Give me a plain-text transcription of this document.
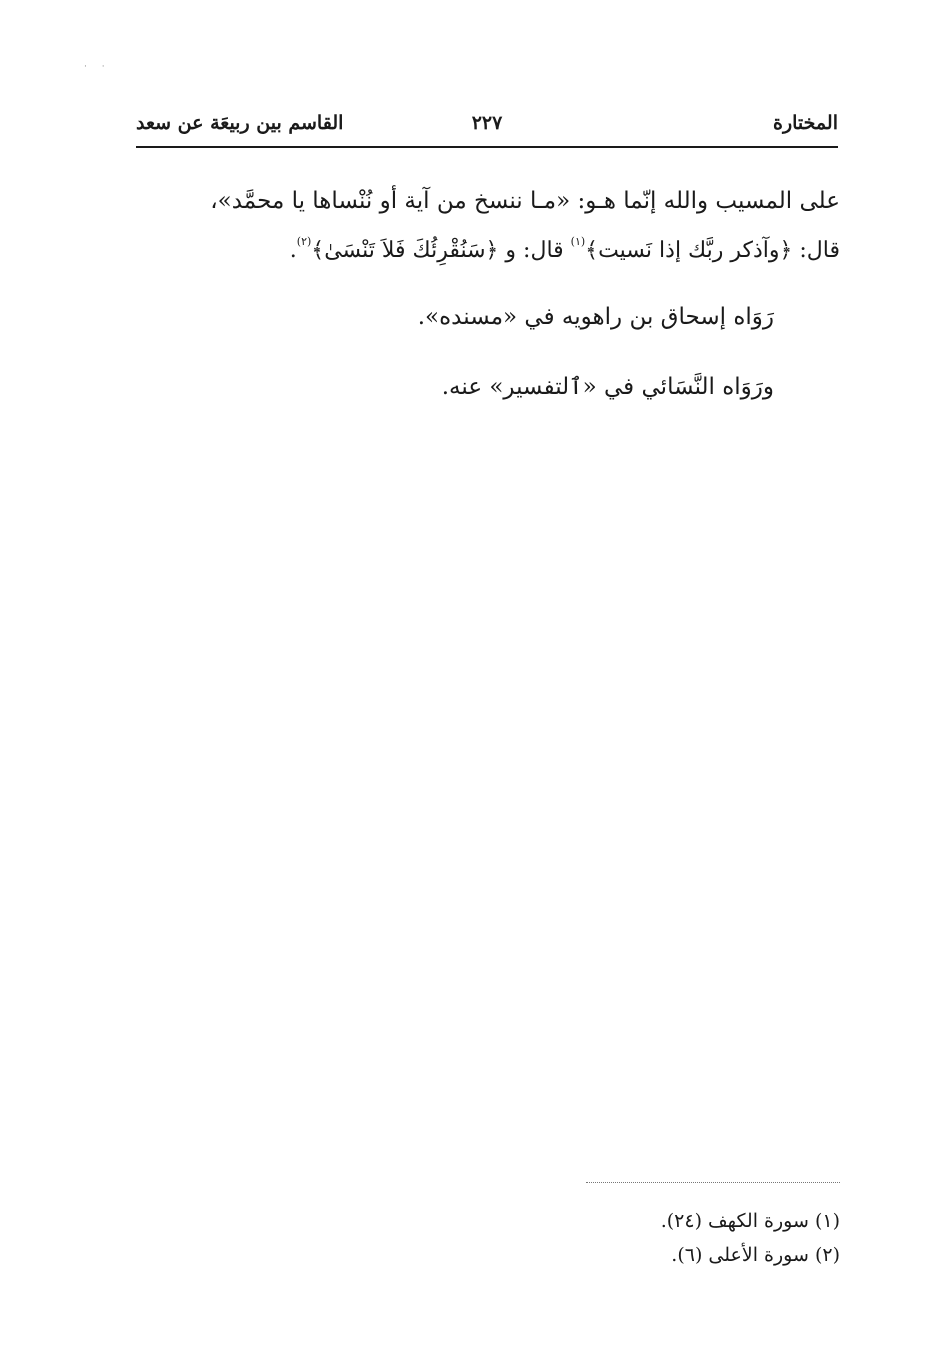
· ·
المختارة
٢٢٧
القاسم بين ربيعَة عن سعد
على المسيب والله إنّما هـو: «مـا ننسخ من آية أو نُنْساها يا محمَّد»،
قال: ﴿وآذكر ربَّك إذا نَسيت﴾$^{(١)}$ قال: و ﴿سَنُقْرِئُكَ فَلاَ تَنْسَىٰ﴾$^{(٢)}$.
رَوَاه إسحاق بن راهويه في «مسنده».
ورَوَاه النَّسَائي في «ٱلتفسير» عنه.
(١) سورة الكهف (٢٤).
(٢) سورة الأعلى (٦).
